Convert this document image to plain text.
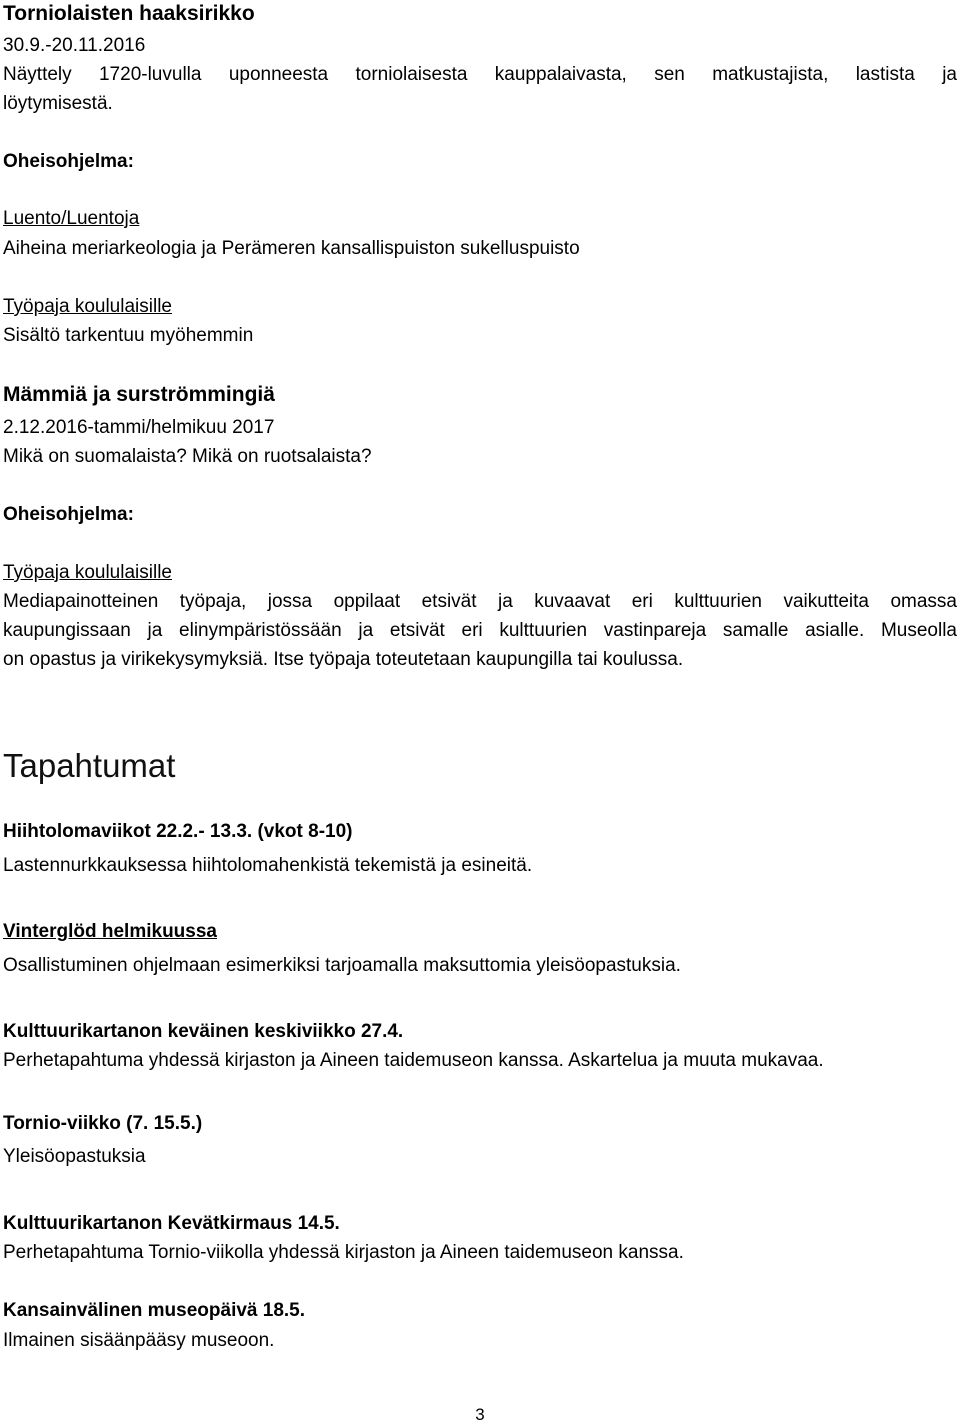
Torniolaisten haaksirikko
30.9.-20.11.2016
Näyttely 1720-luvulla uponneesta torniolaisesta kauppalaivasta, sen matkustajista, lastista ja
löytymisestä.
Oheisohjelma:
Luento/Luentoja
Aiheina meriarkeologia ja Perämeren kansallispuiston sukelluspuisto
Työpaja koululaisille
Sisältö tarkentuu myöhemmin
Mämmiä ja surströmmingiä
2.12.2016-tammi/helmikuu 2017
Mikä on suomalaista? Mikä on ruotsalaista?
Oheisohjelma:
Työpaja koululaisille
Mediapainotteinen työpaja, jossa oppilaat etsivät ja kuvaavat eri kulttuurien vaikutteita omassa
kaupungissaan ja elinympäristössään ja etsivät eri kulttuurien vastinpareja samalle asialle. Museolla
on opastus ja virikekysymyksiä. Itse työpaja toteutetaan kaupungilla tai koulussa.
Tapahtumat
Hiihtolomaviikot 22.2.- 13.3. (vkot 8-10)
Lastennurkkauksessa hiihtolomahenkistä tekemistä ja esineitä.
Vinterglöd helmikuussa
Osallistuminen ohjelmaan esimerkiksi tarjoamalla maksuttomia yleisöopastuksia.
Kulttuurikartanon keväinen keskiviikko 27.4.
Perhetapahtuma yhdessä kirjaston ja Aineen taidemuseon kanssa. Askartelua ja muuta mukavaa.
Tornio-viikko (7. 15.5.)
Yleisöopastuksia
Kulttuurikartanon Kevätkirmaus 14.5.
Perhetapahtuma Tornio-viikolla yhdessä kirjaston ja Aineen taidemuseon kanssa.
Kansainvälinen museopäivä 18.5.
Ilmainen sisäänpääsy museoon.
3
